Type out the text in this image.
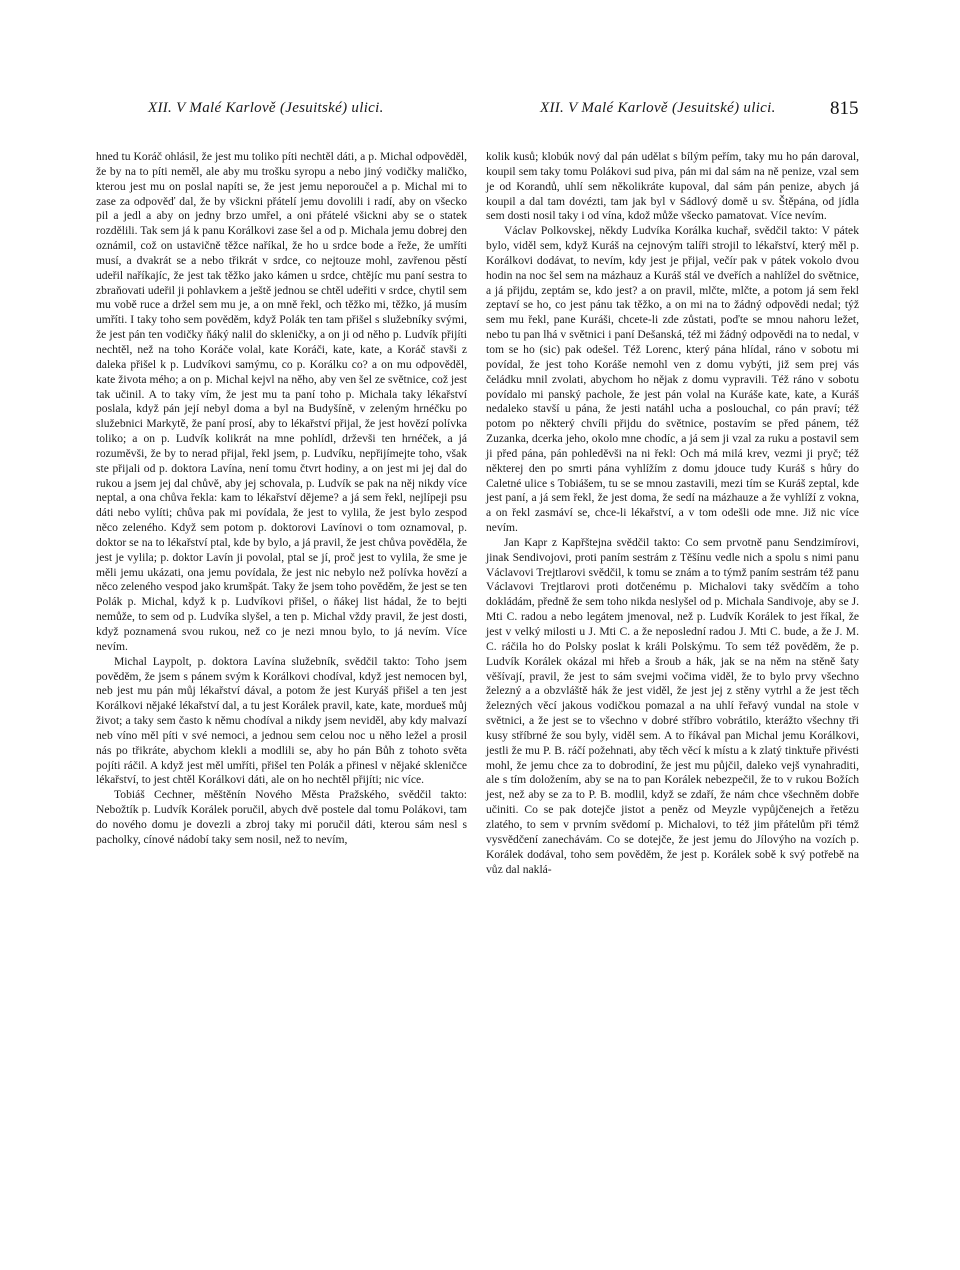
XII. V Malé Karlově (Jesuitské) ulici.	XII. V Malé Karlově (Jesuitské) ulici.	815

hned tu Koráč ohlásil, že jest mu toliko píti nechtěl dáti, a p. Michal odpověděl, že by na to píti neměl, ale aby mu trošku syropu a nebo jiný vodičky maličko, kterou jest mu on poslal napíti se, že jest jemu neporoučel a p. Michal mi to zase za odpověď dal, že by všickni přátelí jemu dovolili i radí, aby on všecko pil a jedl a aby on jedny brzo umřel, a oni přátelé všickni aby se o statek rozdělili. Tak sem já k panu Korálkovi zase šel a od p. Michala jemu dobrej den oznámil, což on ustavičně těžce naříkal, že ho u srdce bode a řeže, že umříti musí, a dvakrát se a nebo třikrát v srdce, co nejtouze mohl, zavřenou pěstí udeřil naříkajíc, že jest tak těžko jako kámen u srdce, chtějíc mu paní sestra to zbraňovati udeřil ji pohlavkem a ještě jednou se chtěl udeřiti v srdce, chytil sem mu vobě ruce a držel sem mu je, a on mně řekl, och těžko mi, těžko, já musím umříti. I taky toho sem pověděm, když Polák ten tam přišel s služebníky svými, že jest pán ten vodičky ňáký nalil do skleničky, a on ji od něho p. Ludvík přijíti nechtěl, než na toho Koráče volal, kate Koráči, kate, kate, a Koráč stavši z daleka přišel k p. Ludvíkovi samýmu, co p. Korálku co? a on mu odpověděl, kate života mého; a on p. Michal kejvl na něho, aby ven šel ze světnice, což jest tak učinil. A to taky vím, že jest mu ta paní toho p. Michala taky lékařství poslala, když pán její nebyl doma a byl na Budyšíně, v zeleným hrnéčku po služebnici Markytě, že paní prosí, aby to lékařství přijal, že jest hovězí polívka toliko; a on p. Ludvík kolikrát na mne pohlídl, drževši ten hrnéček, a já rozuměvši, že by to nerad přijal, řekl jsem, p. Ludvíku, nepřijímejte toho, však ste přijali od p. doktora Lavína, není tomu čtvrt hodiny, a on jest mi jej dal do rukou a jsem jej dal chůvě, aby jej schovala, p. Ludvík se pak na něj nikdy více neptal, a ona chůva řekla: kam to lékařství dějeme? a já sem řekl, nejlípeji psu dáti nebo vylíti; chůva pak mi povídala, že jest to vylila, že jest bylo zespod něco zeleného. Když sem potom p. doktorovi Lavínovi o tom oznamoval, p. doktor se na to lékařství ptal, kde by bylo, a já pravil, že jest chůva pověděla, že jest je vylila; p. doktor Lavín ji povolal, ptal se jí, proč jest to vylila, že sme je měli jemu ukázati, ona jemu povídala, že jest nic nebylo než polívka hovězí a něco zeleného vespod jako krumšpát. Taky že jsem toho pověděm, že jest se ten Polák p. Michal, když k p. Ludvíkovi přišel, o ňákej list hádal, že to bejti nemůže, to sem od p. Ludvíka slyšel, a ten p. Michal vždy pravil, že jest dosti, když poznamená svou rukou, než co je nezi mnou bylo, to já nevím. Více nevím.

Michal Laypolt, p. doktora Lavína služebník, svědčil takto: Toho jsem pověděm, že jsem s pánem svým k Korálkovi chodíval, když jest nemocen byl, neb jest mu pán můj lékařství dával, a potom že jest Kuryáš přišel a ten jest Korálkovi nějaké lékařství dal, a tu jest Korálek pravil, kate, kate, mordueš můj život; a taky sem často k němu chodíval a nikdy jsem neviděl, aby kdy malvazí neb víno měl píti v své nemoci, a jednou sem celou noc u něho ležel a prosil nás po třikráte, abychom klekli a modlili se, aby ho pán Bůh z tohoto světa pojíti ráčil. A když jest měl umříti, přišel ten Polák a přinesl v nějaké skleničce lékařství, to jest chtěl Korálkovi dáti, ale on ho nechtěl přijíti; nic více.

Tobiáš Cechner, měštěnín Nového Města Pražského, svědčil takto: Nebožtík p. Ludvík Korálek poručil, abych dvě postele dal tomu Polákovi, tam do nového domu je dovezli a zbroj taky mi poručil dáti, kterou sám nesl s pacholky, cínové nádobí taky sem nosil, než to nevím,

kolik kusů; klobúk nový dal pán udělat s bílým peřím, taky mu ho pán daroval, koupil sem taky tomu Polákovi sud piva, pán mi dal sám na ně penize, vzal sem je od Korandů, uhlí sem několikráte kupoval, dal sám pán penize, abych já koupil a dal tam dovézti, tam jak byl v Sádlový domě u sv. Štěpána, od jídla sem dosti nosil taky i od vína, kdož může všecko pamatovat. Více nevím.

Václav Polkovskej, někdy Ludvíka Korálka kuchař, svědčil takto: V pátek bylo, viděl sem, když Kuráš na cejnovým talíři strojil to lékařství, který měl p. Korálkovi dodávat, to nevím, kdy jest je přijal, večír pak v pátek vokolo dvou hodin na noc šel sem na mázhauz a Kuráš stál ve dveřích a nahlížel do světnice, a já přijdu, zeptám se, kdo jest? a on pravil, mlčte, mlčte, a potom já sem řekl zeptaví se ho, co jest pánu tak těžko, a on mi na to žádný odpovědi nedal; týž sem mu řekl, pane Kuráši, chcete-li zde zůstati, poďte se mnou nahoru ležet, nebo tu pan lhá v světnici i paní Dešanská, též mi žádný odpovědi na to nedal, v tom se ho (sic) pak odešel. Též Lorenc, který pána hlídal, ráno v sobotu mi povídal, že jest toho Koráše nemohl ven z domu vybýti, již sem prej vás čeládku mnil zvolati, abychom ho nějak z domu vypravili. Též ráno v sobotu povídalo mi panský pachole, že jest pán volal na Kuráše kate, kate, a Kuráš nedaleko stavší u pána, že jesti natáhl ucha a poslouchal, co pán praví; též potom po některý chvíli přijdu do světnice, postavím se před pánem, též Zuzanka, dcerka jeho, okolo mne chodíc, a já sem ji vzal za ruku a postavil sem ji před pána, pán pohleděvši na ni řekl: Och má milá krev, vezmi ji pryč; též některej den po smrti pána vyhlížím z domu jdouce tudy Kuráš s hůry do Caletné ulice s Tobiášem, tu se se mnou zastavili, mezi tím se Kuráš zeptal, kde jest paní, a já sem řekl, že jest doma, že sedí na mázhauze a že vyhlíží z vokna, a on řekl zasmáví se, chce-li lékařství, a v tom odešli ode mne. Již nic více nevím.

Jan Kapr z Kapřštejna svědčil takto: Co sem prvotně panu Sendzimírovi, jinak Sendivojovi, proti paním sestrám z Těšínu vedle nich a spolu s nimi panu Václavovi Trejtlarovi svědčil, k tomu se znám a to týmž paním sestrám též panu Václavovi Trejtlarovi proti dotčenému p. Michalovi taky svědčím a toho dokládám, předně že sem toho nikda neslyšel od p. Michala Sandivoje, aby se J. Mti C. radou a nebo legátem jmenoval, než p. Ludvík Korálek to jest říkal, že jest v velký milosti u J. Mti C. a že neposlední radou J. Mti C. bude, a že J. M. C. ráčila ho do Polsky poslat k králi Polskýmu. To sem též pověděm, že p. Ludvík Korálek okázal mi hřeb a šroub a hák, jak se na něm na stěně šaty věšívají, pravil, že jest to sám svejmi vočima viděl, že to bylo prvy všechno železný a a obzvláště hák že jest viděl, že jest jej z stěny vytrhl a že jest těch železných věcí jakous vodičkou pomazal a na uhlí řeřavý vundal na stole v světnici, a že jest se to všechno v dobré stříbro vobrátilo, kterážto všechny tři kusy stříbrné že sou byly, viděl sem. A to říkával pan Michal jemu Korálkovi, jestli že mu P. B. ráčí požehnati, aby těch věcí k místu a k zlatý tinktuře přivésti mohl, že jemu chce za to dobrodiní, že jest mu půjčil, daleko vejš vynahraditi, ale s tím doložením, aby se na to pan Korálek nebezpečil, že to v rukou Božích jest, než aby se za to P. B. modlil, když se zdaří, že nám chce všechněm dobře učiniti. Co se pak dotejče jistot a peněz od Meyzle vypůjčenejch a řetězu zlatého, to sem v prvním svědomí p. Michalovi, to též jim přátelům při témž vysvědčení zanechávám. Co se dotejče, že jest jemu do Jílovýho na vozích p. Korálek dodával, toho sem pověděm, že jest p. Korálek sobě k svý potřebě na vůz dal naklá-
